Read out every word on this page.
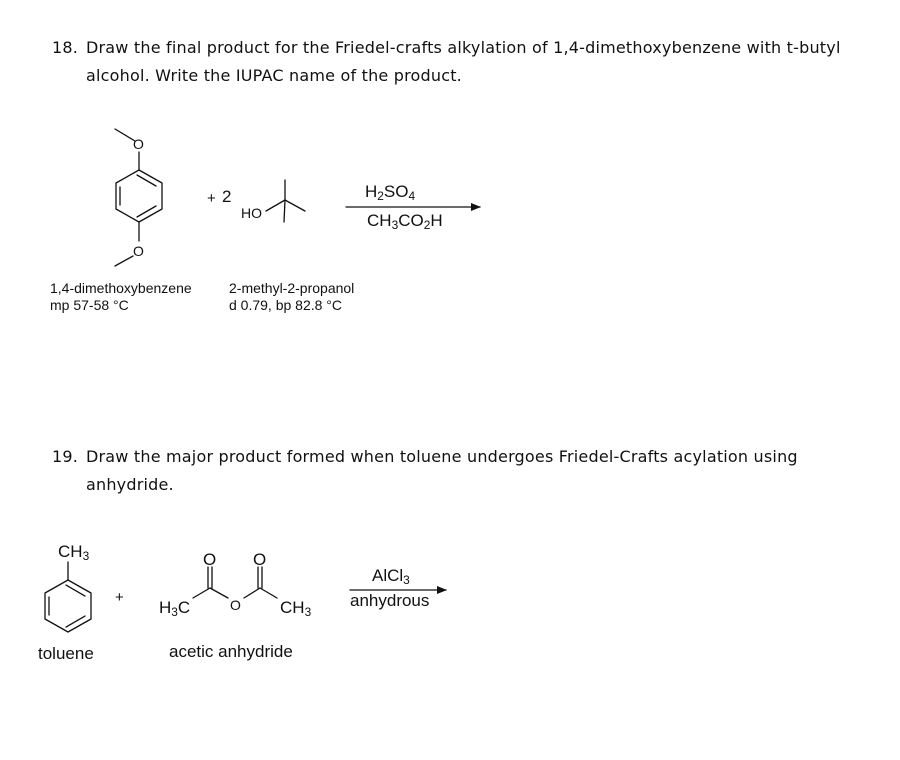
18. Draw the final product for the Friedel-crafts alkylation of 1,4-dimethoxybenzene with t-butyl
alcohol. Write the IUPAC name of the product.
19. Draw the major product formed when toluene undergoes Friedel-Crafts acylation using
anhydride.
O
O
+ 2
HO
$H_2SO_4$
$CH_3CO_2H$
1,4-dimethoxybenzene
mp 57-58 °C
2-methyl-2-propanol
d 0.79, bp 82.8 °C
$CH_3$
toluene
+
O O
O
$H_3C$	$CH_3$
acetic anhydride
AlCl$_3$
anhydrous
